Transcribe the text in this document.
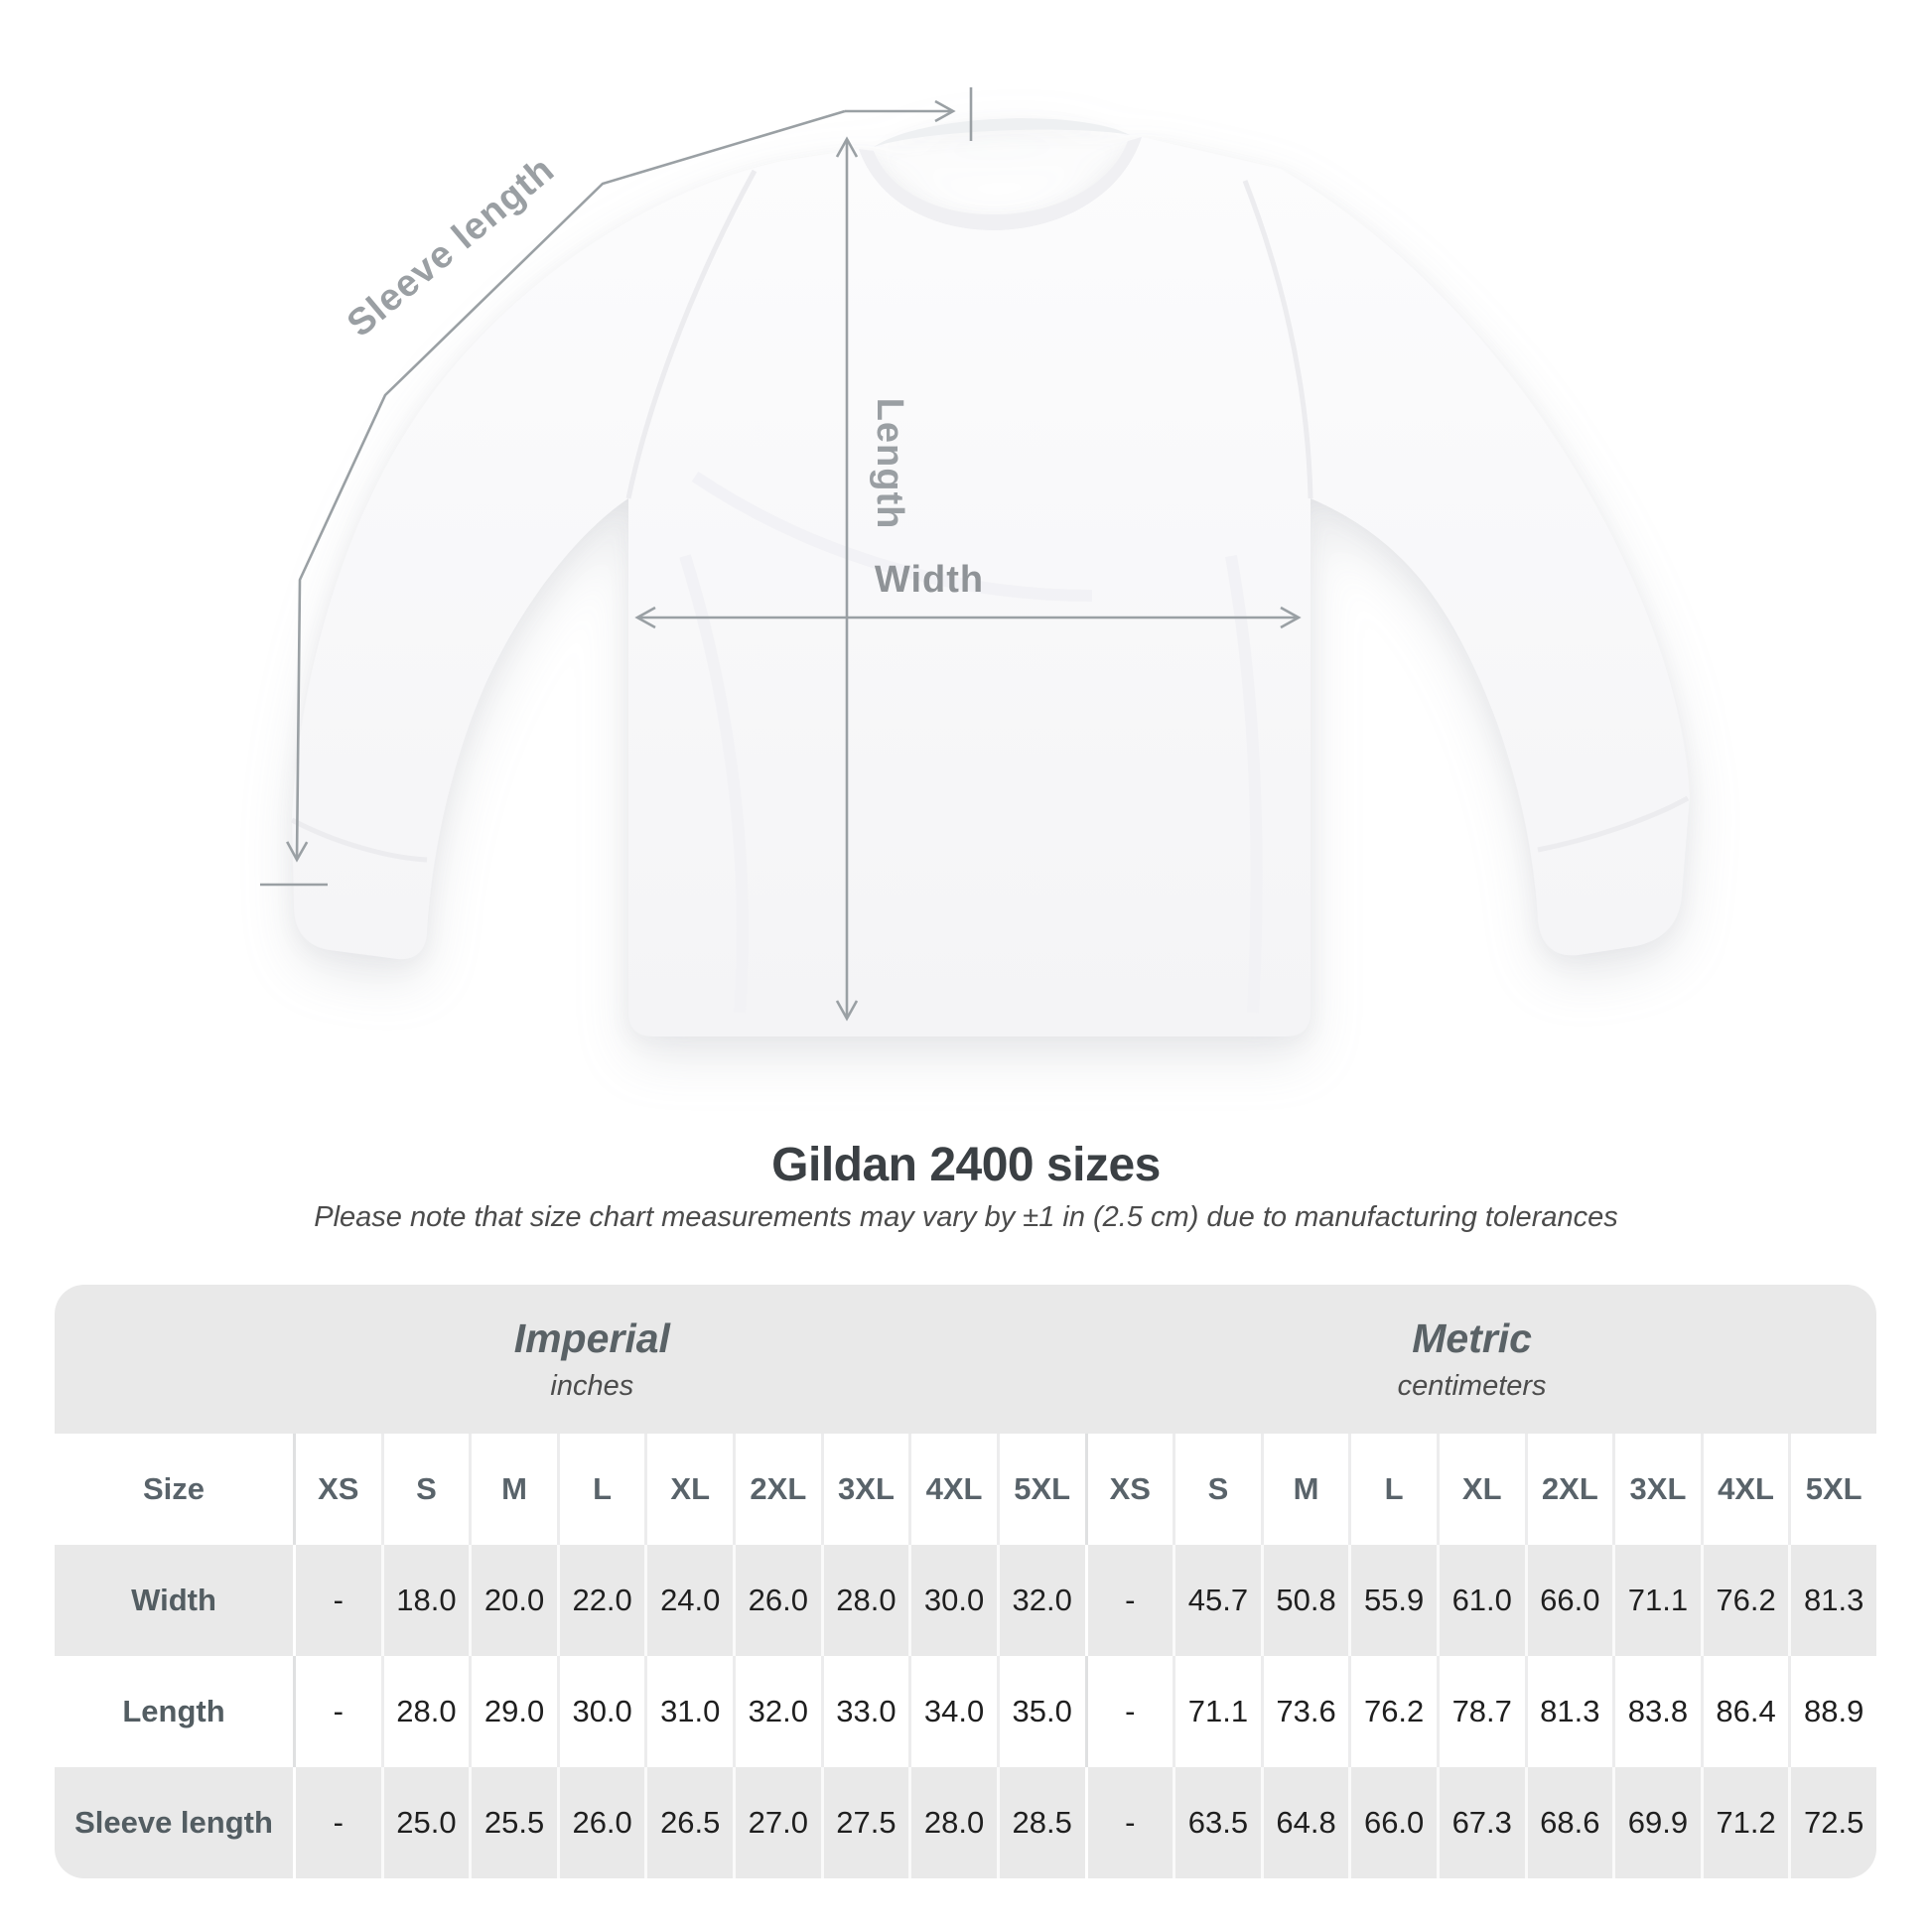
Sleeve length
Length
Width
Gildan 2400 sizes

Please note that size chart measurements may vary by ±1 in (2.5 cm) due to manufacturing tolerances

Imperial
inches
Metric
centimeters
Size	XS	S	M	L	XL	2XL	3XL	4XL	5XL	XS	S	M	L	XL	2XL	3XL	4XL	5XL
Width	-	18.0 20.0 22.0 24.0 26.0 28.0 30.0 32.0	-	45.7 50.8 55.9 61.0 66.0 71.1 76.2 81.3
Length	-	28.0 29.0 30.0 31.0 32.0 33.0 34.0 35.0	-	71.1 73.6 76.2 78.7 81.3 83.8 86.4 88.9
Sleeve length	-	25.0 25.5 26.0 26.5 27.0 27.5 28.0 28.5	-	63.5 64.8 66.0 67.3 68.6 69.9 71.2 72.5
